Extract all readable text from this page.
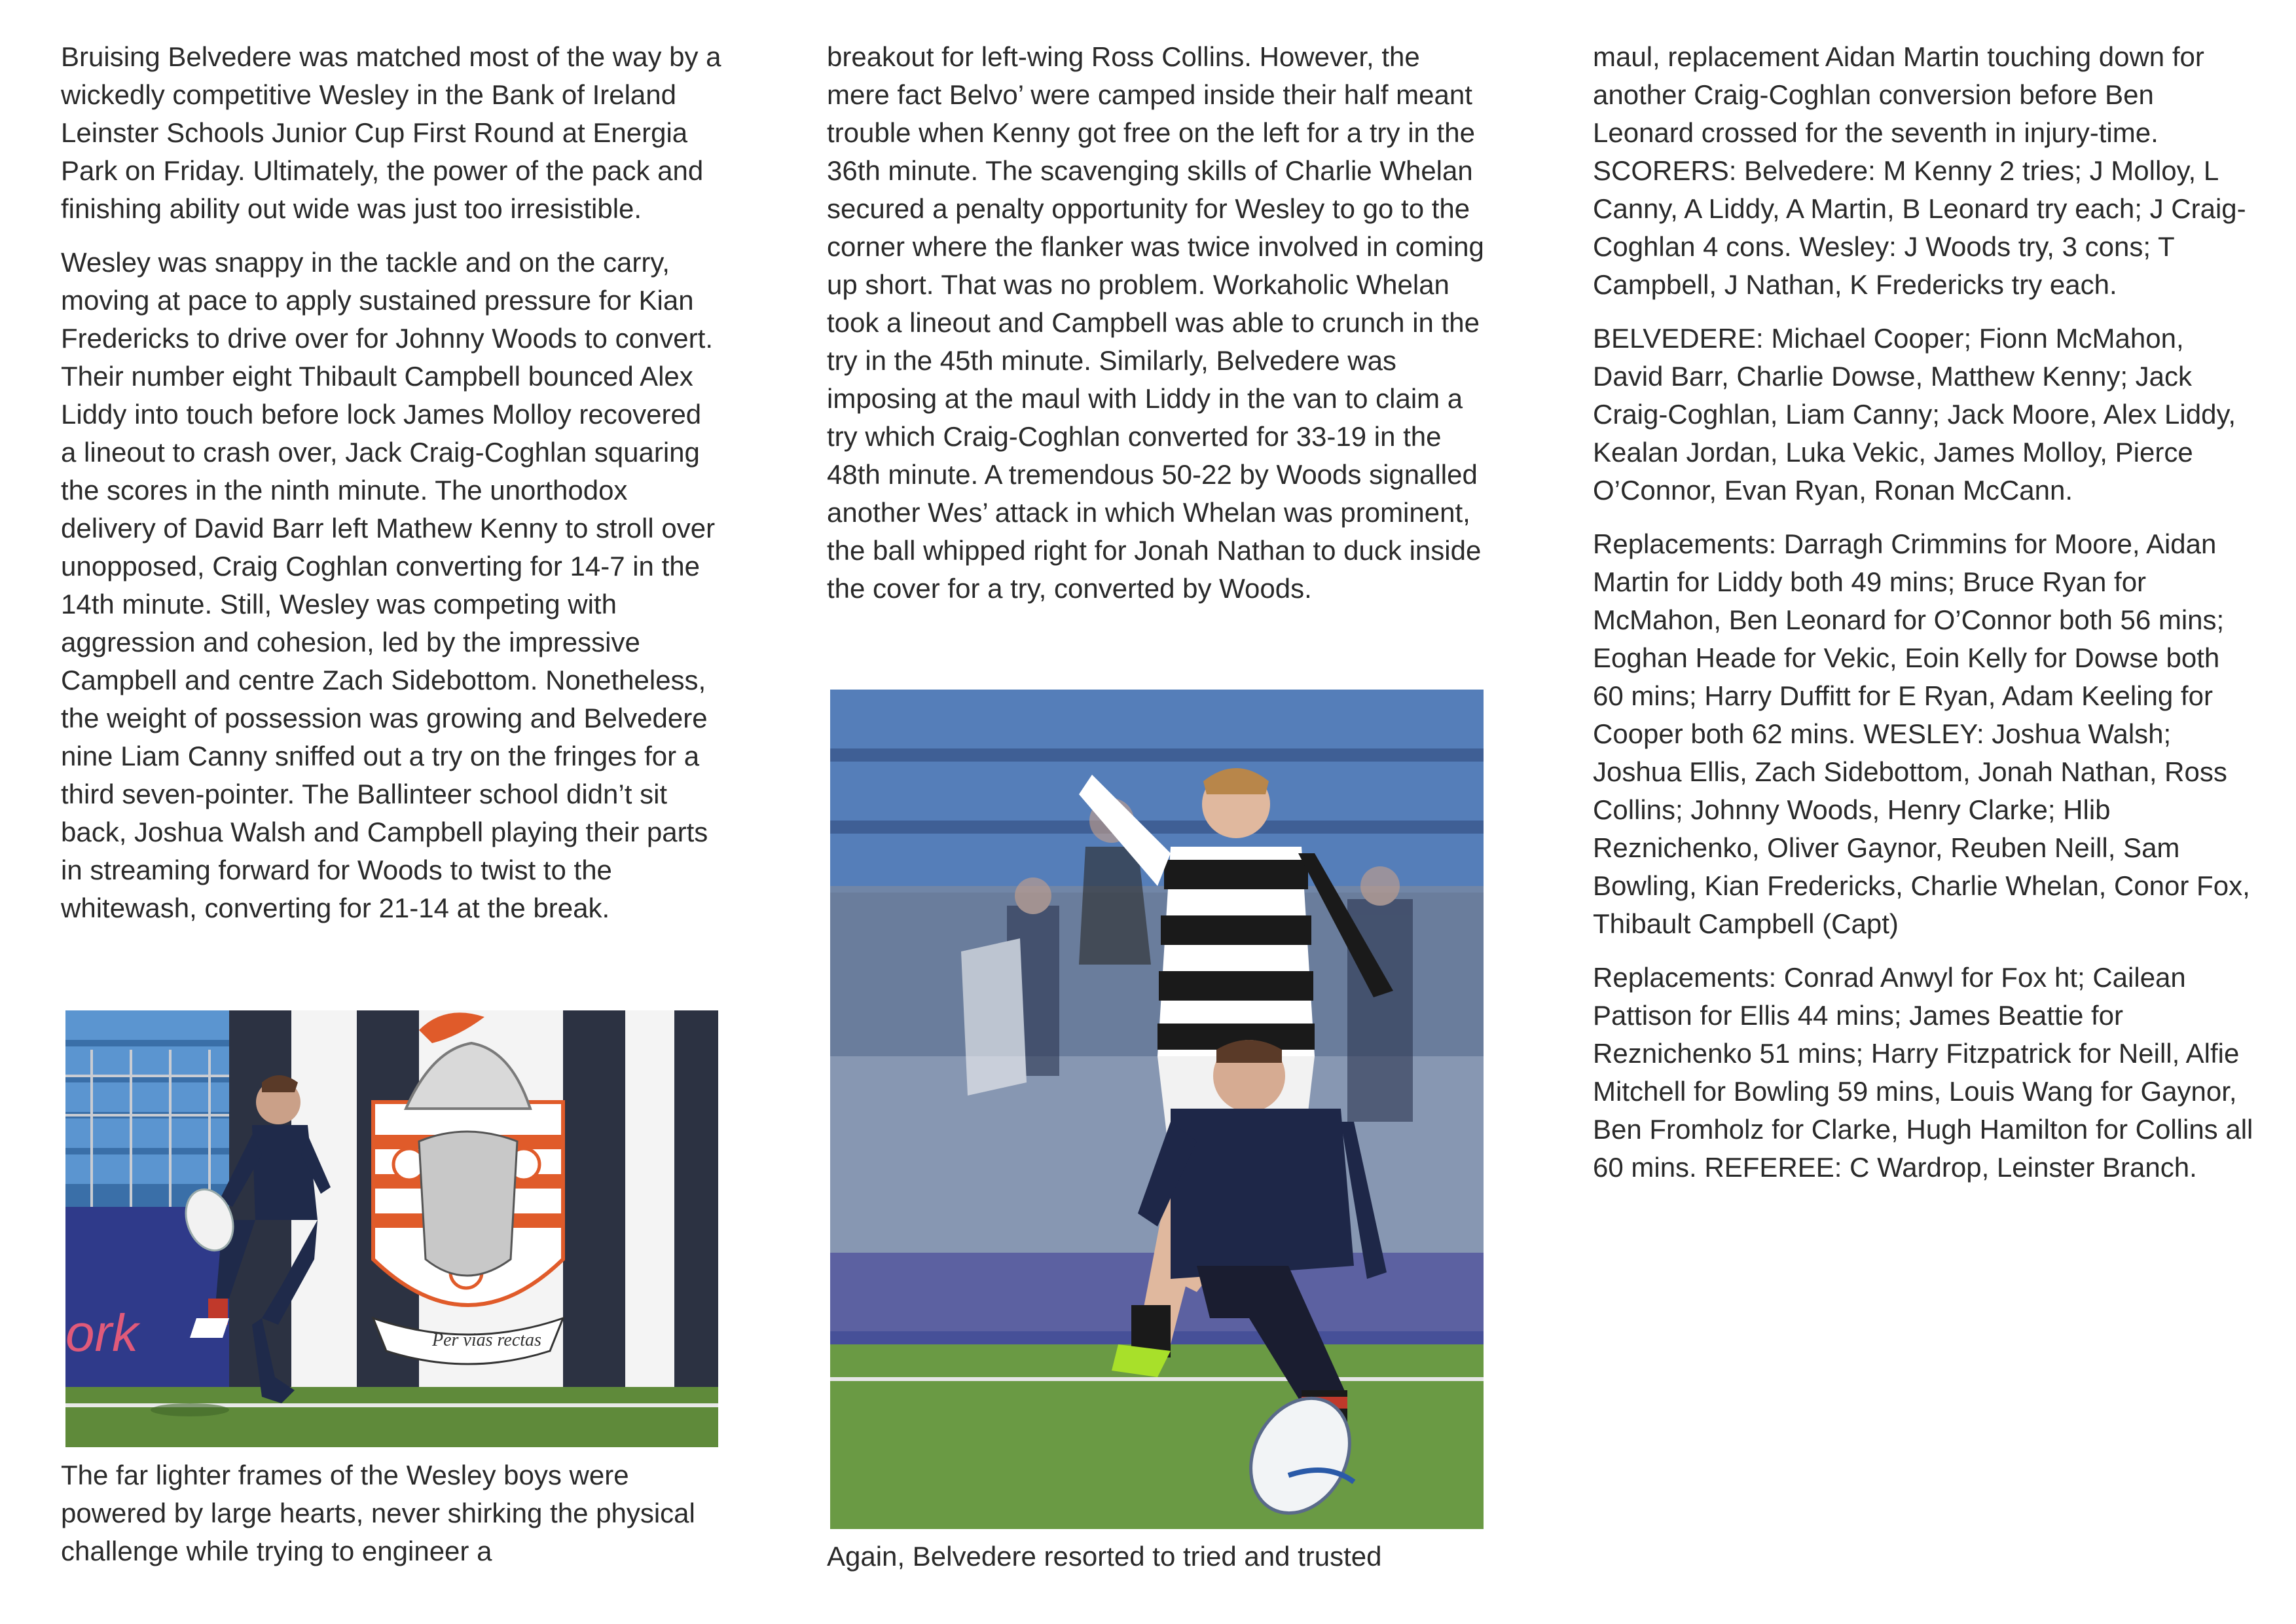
Bruising Belvedere was matched most of the way by a wickedly competitive Wesley in the Bank of Ireland Leinster Schools Junior Cup First Round at Energia Park on Friday. Ultimately, the power of the pack and finishing ability out wide was just too irresistible.

Wesley was snappy in the tackle and on the carry, moving at pace to apply sustained pressure for Kian Fredericks to drive over for Johnny Woods to convert. Their number eight Thibault Campbell bounced Alex Liddy into touch before lock James Molloy recovered a lineout to crash over, Jack Craig-Coghlan squaring the scores in the ninth minute. The unorthodox delivery of David Barr left Mathew Kenny to stroll over unopposed, Craig Coghlan converting for 14-7 in the 14th minute. Still, Wesley was competing with aggression and cohesion, led by the impressive Campbell and centre Zach Sidebottom. Nonetheless, the weight of possession was growing and Belvedere nine Liam Canny sniffed out a try on the fringes for a third seven-pointer. The Ballinteer school didn’t sit back, Joshua Walsh and Campbell playing their parts in streaming forward for Woods to twist to the whitewash, converting for 21-14 at the break.

ork	Per vias rectas

The far lighter frames of the Wesley boys were powered by large hearts, never shirking the physical challenge while trying to engineer a

breakout for left-wing Ross Collins. However, the mere fact Belvo’ were camped inside their half meant trouble when Kenny got free on the left for a try in the 36th minute. The scavenging skills of Charlie Whelan secured a penalty opportunity for Wesley to go to the corner where the flanker was twice involved in coming up short. That was no problem. Workaholic Whelan took a lineout and Campbell was able to crunch in the try in the 45th minute. Similarly, Belvedere was imposing at the maul with Liddy in the van to claim a try which Craig-Coghlan converted for 33-19 in the 48th minute. A tremendous 50-22 by Woods signalled another Wes’ attack in which Whelan was prominent, the ball whipped right for Jonah Nathan to duck inside the cover for a try, converted by Woods.

Again, Belvedere resorted to tried and trusted

maul, replacement Aidan Martin touching down for another Craig-Coghlan conversion before Ben Leonard crossed for the seventh in injury-time. SCORERS: Belvedere: M Kenny 2 tries; J Molloy, L Canny, A Liddy, A Martin, B Leonard try each; J Craig-Coghlan 4 cons. Wesley: J Woods try, 3 cons; T Campbell, J Nathan, K Fredericks try each.

BELVEDERE: Michael Cooper; Fionn McMahon, David Barr, Charlie Dowse, Matthew Kenny; Jack Craig-Coghlan, Liam Canny; Jack Moore, Alex Liddy, Kealan Jordan, Luka Vekic, James Molloy, Pierce O’Connor, Evan Ryan, Ronan McCann.

Replacements: Darragh Crimmins for Moore, Aidan Martin for Liddy both 49 mins; Bruce Ryan for McMahon, Ben Leonard for O’Connor both 56 mins; Eoghan Heade for Vekic, Eoin Kelly for Dowse both 60 mins; Harry Duffitt for E Ryan, Adam Keeling for Cooper both 62 mins. WESLEY: Joshua Walsh; Joshua Ellis, Zach Sidebottom, Jonah Nathan, Ross Collins; Johnny Woods, Henry Clarke; Hlib Reznichenko, Oliver Gaynor, Reuben Neill, Sam Bowling, Kian Fredericks, Charlie Whelan, Conor Fox, Thibault Campbell (Capt)

Replacements: Conrad Anwyl for Fox ht; Cailean Pattison for Ellis 44 mins; James Beattie for Reznichenko 51 mins; Harry Fitzpatrick for Neill, Alfie Mitchell for Bowling 59 mins, Louis Wang for Gaynor, Ben Fromholz for Clarke, Hugh Hamilton for Collins all 60 mins. REFEREE: C Wardrop, Leinster Branch.
